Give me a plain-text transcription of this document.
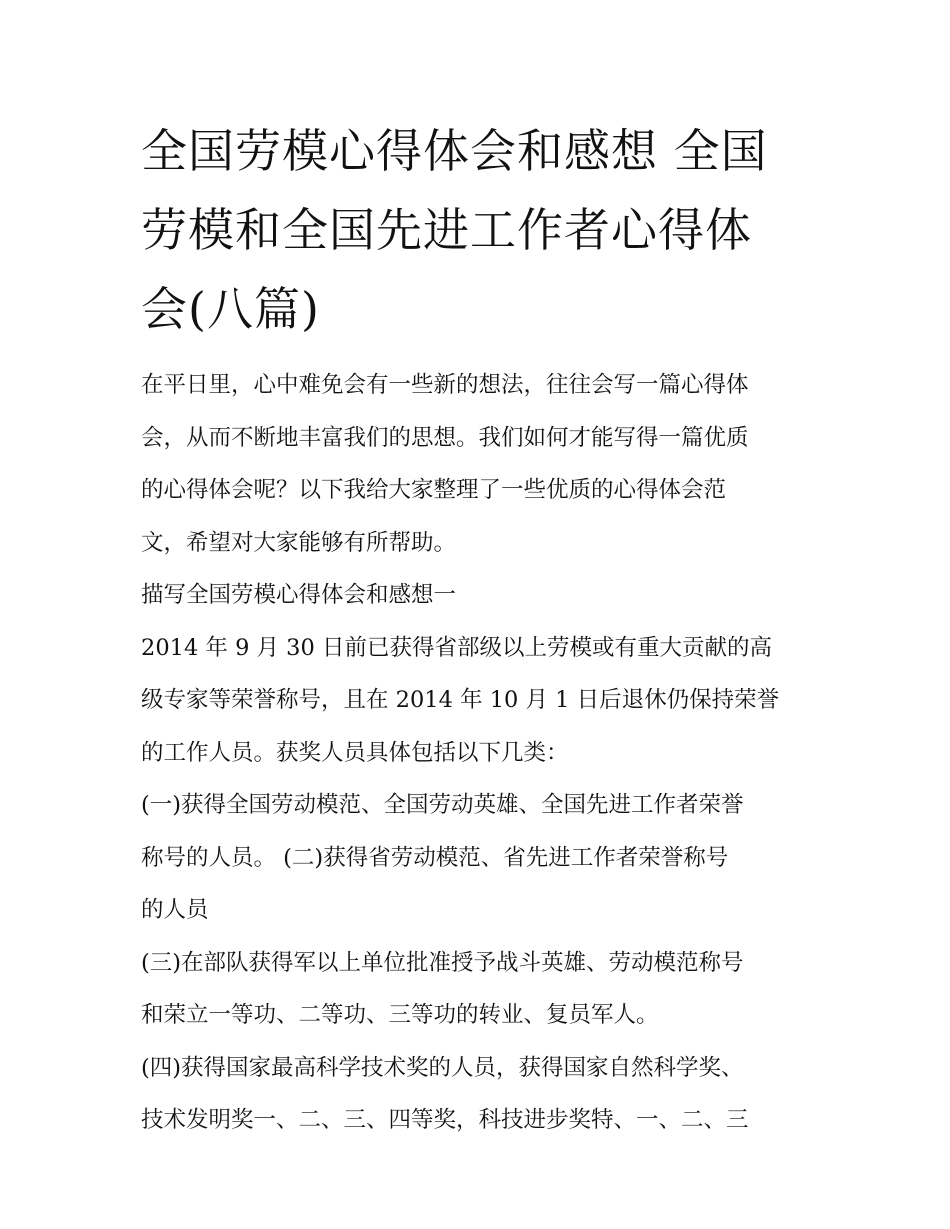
全国劳模心得体会和感想 全国
劳模和全国先进工作者心得体
会(八篇)
在平日里，心中难免会有一些新的想法，往往会写一篇心得体
会，从而不断地丰富我们的思想。我们如何才能写得一篇优质
的心得体会呢？以下我给大家整理了一些优质的心得体会范
文，希望对大家能够有所帮助。
描写全国劳模心得体会和感想一
2014 年 9 月 30 日前已获得省部级以上劳模或有重大贡献的高
级专家等荣誉称号，且在 2014 年 10 月 1 日后退休仍保持荣誉
的工作人员。获奖人员具体包括以下几类：
(一)获得全国劳动模范、全国劳动英雄、全国先进工作者荣誉
称号的人员。 (二)获得省劳动模范、省先进工作者荣誉称号
的人员
(三)在部队获得军以上单位批准授予战斗英雄、劳动模范称号
和荣立一等功、二等功、三等功的转业、复员军人。
(四)获得国家最高科学技术奖的人员，获得国家自然科学奖、
技术发明奖一、二、三、四等奖，科技进步奖特、一、二、三
